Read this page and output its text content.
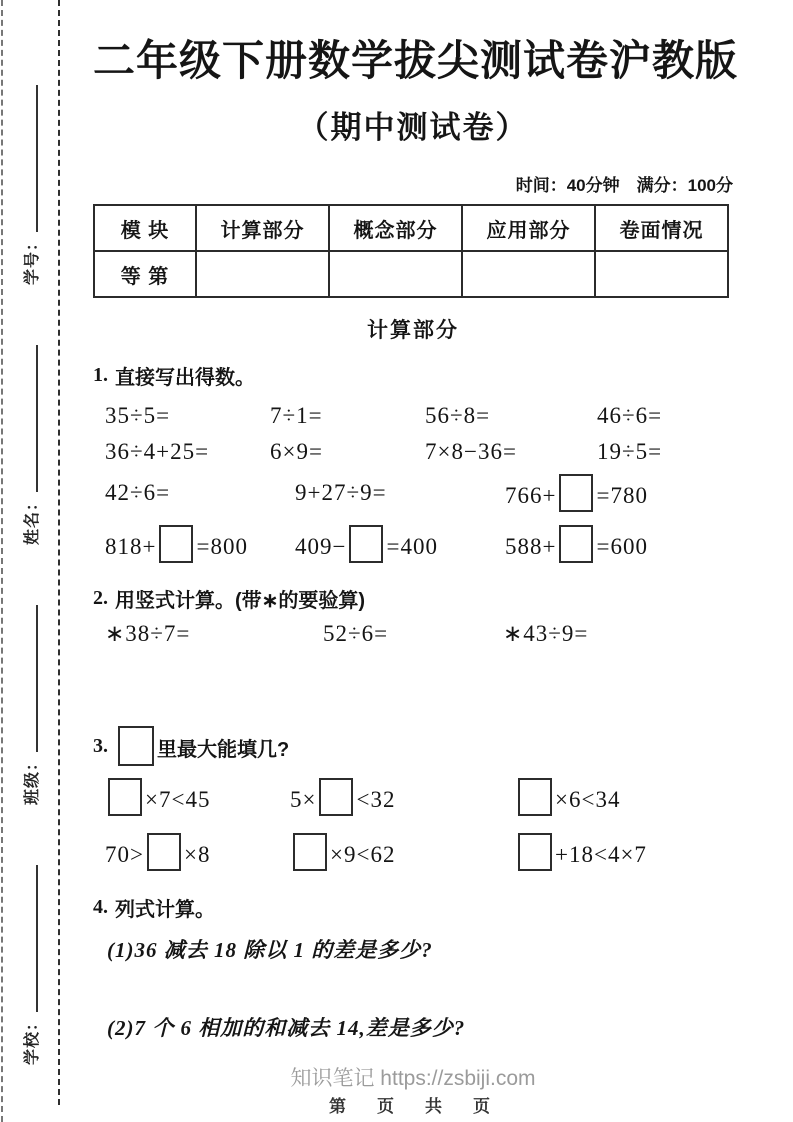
学号：
姓名：
班级：
学校：
二年级下册数学拔尖测试卷沪教版
（期中测试卷）
时间：40分钟　满分：100分
模 块	计算部分	概念部分	应用部分	卷面情况
等 第				
计算部分
1. 直接写出得数。
35÷5=	7÷1=	56÷8=	46÷6=
36÷4+25=	6×9=	7×8−36=	19÷5=
42÷6=	9+27÷9=	766+ =780
818+ =800	409− =400	588+ =600
2. 用竖式计算。(带∗的要验算)
∗38÷7=	52÷6=	∗43÷9=
3.	里最大能填几?
×7<45	5× <32	×6<34
70> ×8	×9<62	+18<4×7
4. 列式计算。
(1)36 减去 18 除以 1 的差是多少?
(2)7 个 6 相加的和减去 14,差是多少?
知识笔记 https://zsbiji.com
第　页　共　页
